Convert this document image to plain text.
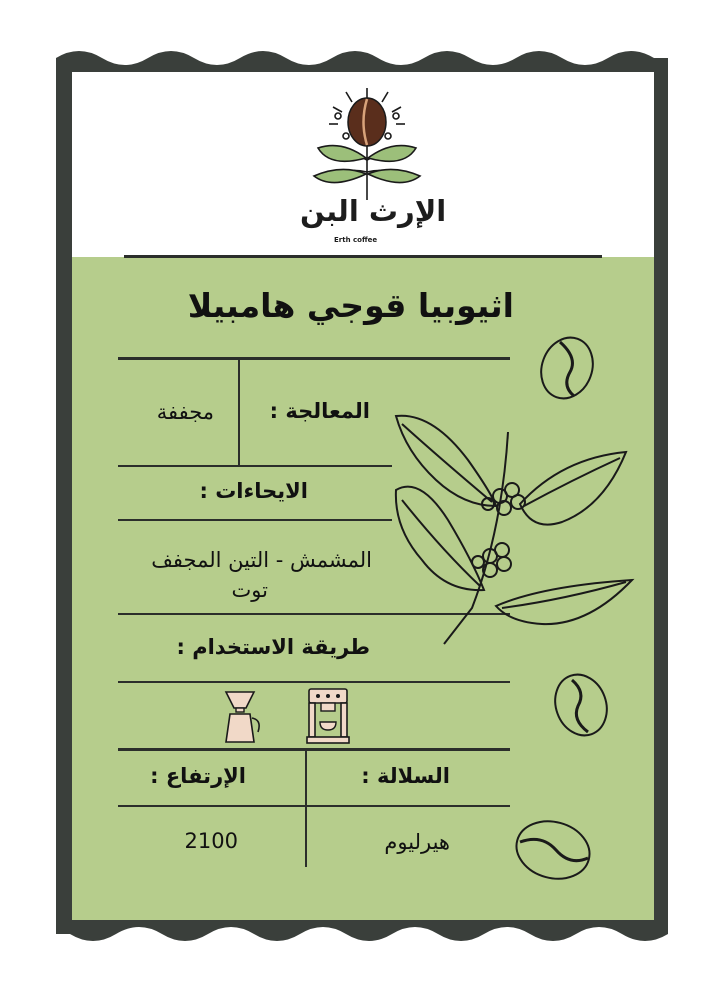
الإرث البن
Erth coffee
اثيوبيا قوجي هامبيلا
المعالجة :
مجففة
الايحاءات :
المشمش - التين المجفف
توت
طريقة الاستخدام :
السلالة :
الإرتفاع :
هيرليوم
2100
